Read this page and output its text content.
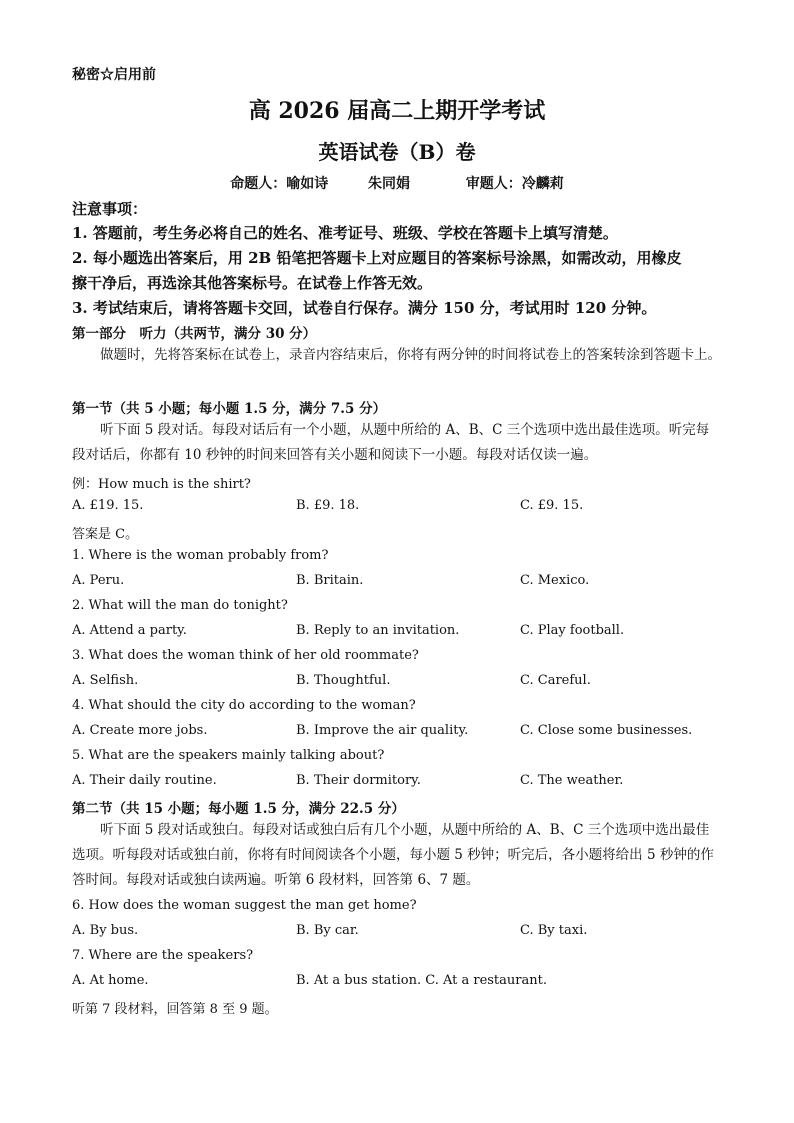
秘密☆启用前
高 2026 届高二上期开学考试
英语试卷（B）卷
命题人：喻如诗	朱同娟	审题人：冷麟莉
注意事项：
1. 答题前，考生务必将自己的姓名、准考证号、班级、学校在答题卡上填写清楚。
2. 每小题选出答案后，用 2B 铅笔把答题卡上对应题目的答案标号涂黑，如需改动，用橡皮
擦干净后，再选涂其他答案标号。在试卷上作答无效。
3. 考试结束后，请将答题卡交回，试卷自行保存。满分 150 分，考试用时 120 分钟。
第一部分　听力（共两节，满分 30 分）
做题时，先将答案标在试卷上，录音内容结束后，你将有两分钟的时间将试卷上的答案转涂到答题卡上。
第一节（共 5 小题；每小题 1.5 分，满分 7.5 分）
听下面 5 段对话。每段对话后有一个小题，从题中所给的 A、B、C 三个选项中选出最佳选项。听完每段对话后，你都有 10 秒钟的时间来回答有关小题和阅读下一小题。每段对话仅读一遍。
例：How much is the shirt?
A. £19. 15.	B. £9. 18.	C. £9. 15.
答案是 C。
1. Where is the woman probably from?
A. Peru.	B. Britain.	C. Mexico.
2. What will the man do tonight?
A. Attend a party.	B. Reply to an invitation.	C. Play football.
3. What does the woman think of her old roommate?
A. Selfish.	B. Thoughtful.	C. Careful.
4. What should the city do according to the woman?
A. Create more jobs.	B. Improve the air quality.	C. Close some businesses.
5. What are the speakers mainly talking about?
A. Their daily routine.	B. Their dormitory.	C. The weather.
第二节（共 15 小题；每小题 1.5 分，满分 22.5 分）
听下面 5 段对话或独白。每段对话或独白后有几个小题，从题中所给的 A、B、C 三个选项中选出最佳选项。听每段对话或独白前，你将有时间阅读各个小题，每小题 5 秒钟；听完后，各小题将给出 5 秒钟的作答时间。每段对话或独白读两遍。听第 6 段材料，回答第 6、7 题。
6. How does the woman suggest the man get home?
A. By bus.	B. By car.	C. By taxi.
7. Where are the speakers?
A. At home.	B. At a bus station. C. At a restaurant.
听第 7 段材料，回答第 8 至 9 题。
